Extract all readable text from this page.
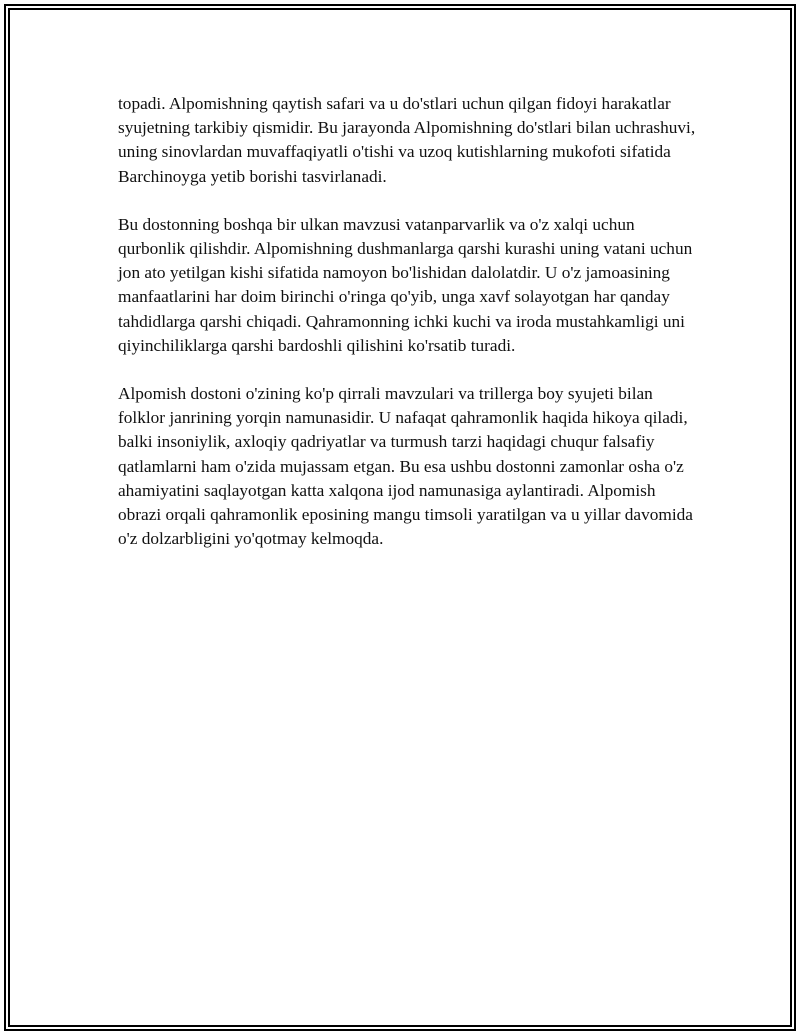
topadi. Alpomishning qaytish safari va u do'stlari uchun qilgan fidoyi harakatlar syujetning tarkibiy qismidir. Bu jarayonda Alpomishning do'stlari bilan uchrashuvi, uning sinovlardan muvaffaqiyatli o'tishi va uzoq kutishlarning mukofoti sifatida Barchinoyga yetib borishi tasvirlanadi.

Bu dostonning boshqa bir ulkan mavzusi vatanparvarlik va o'z xalqi uchun qurbonlik qilishdir. Alpomishning dushmanlarga qarshi kurashi uning vatani uchun jon ato yetilgan kishi sifatida namoyon bo'lishidan dalolatdir. U o'z jamoasining manfaatlarini har doim birinchi o'ringa qo'yib, unga xavf solayotgan har qanday tahdidlarga qarshi chiqadi. Qahramonning ichki kuchi va iroda mustahkamligi uni qiyinchiliklarga qarshi bardoshli qilishini ko'rsatib turadi.

Alpomish dostoni o'zining ko'p qirrali mavzulari va trillerga boy syujeti bilan folklor janrining yorqin namunasidir. U nafaqat qahramonlik haqida hikoya qiladi, balki insoniylik, axloqiy qadriyatlar va turmush tarzi haqidagi chuqur falsafiy qatlamlarni ham o'zida mujassam etgan. Bu esa ushbu dostonni zamonlar osha o'z ahamiyatini saqlayotgan katta xalqona ijod namunasiga aylantiradi. Alpomish obrazi orqali qahramonlik eposining mangu timsoli yaratilgan va u yillar davomida o'z dolzarbligini yo'qotmay kelmoqda.
